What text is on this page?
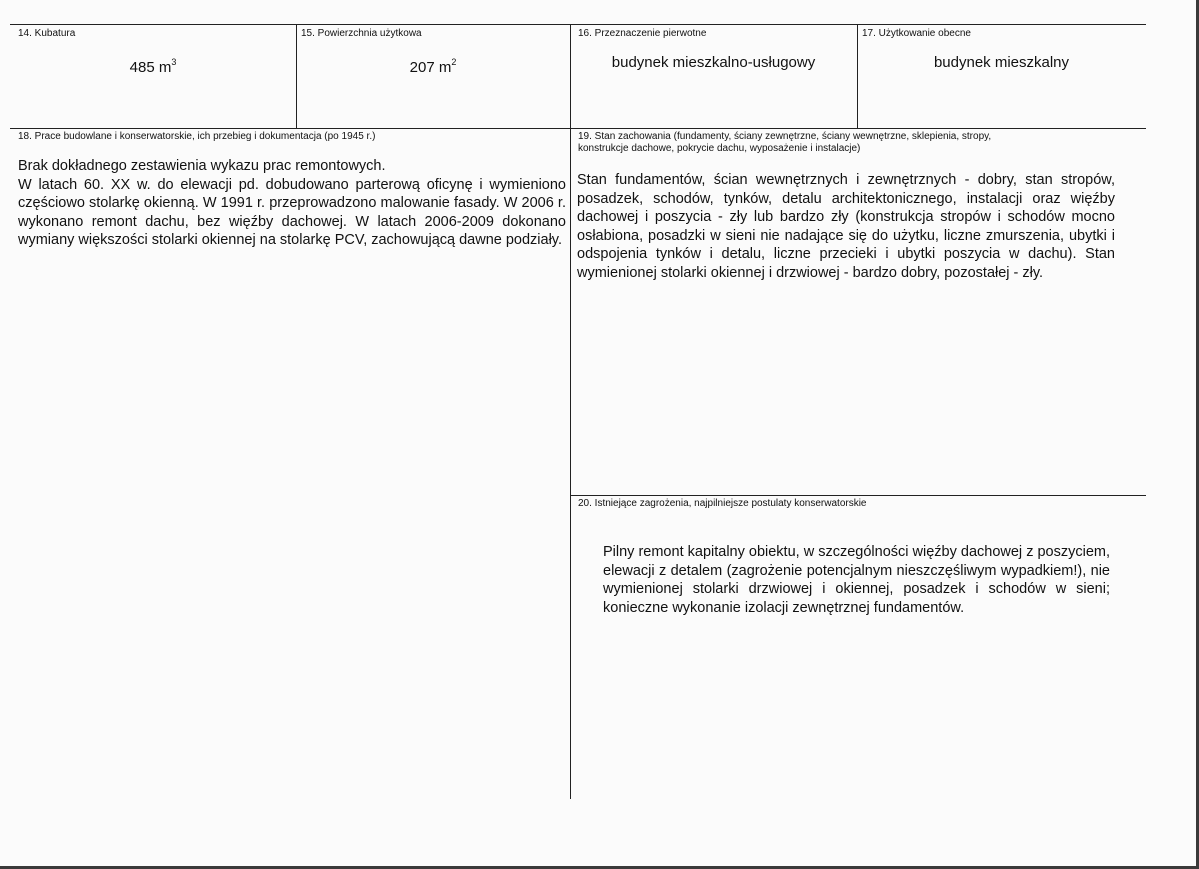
14. Kubatura
485 $m^3$
15. Powierzchnia użytkowa
207 $m^2$
16. Przeznaczenie pierwotne
budynek mieszkalno-usługowy
17. Użytkowanie obecne
budynek mieszkalny
18. Prace budowlane i konserwatorskie, ich przebieg i dokumentacja (po 1945 r.)

Brak dokładnego zestawienia wykazu prac remontowych.

W latach 60. XX w. do elewacji pd. dobudowano parterową oficynę i wymieniono częściowo stolarkę okienną. W 1991 r. przeprowadzono malowanie fasady. W 2006 r. wykonano remont dachu, bez więźby dachowej. W latach 2006-2009 dokonano wymiany większości stolarki okiennej na stolarkę PCV, zachowującą dawne podziały.

19. Stan zachowania (fundamenty, ściany zewnętrzne, ściany wewnętrzne, sklepienia, stropy,
konstrukcje dachowe, pokrycie dachu, wyposażenie i instalacje)

Stan fundamentów, ścian wewnętrznych i zewnętrznych - dobry, stan stropów, posadzek, schodów, tynków, detalu architektonicznego, instalacji oraz więźby dachowej i poszycia - zły lub bardzo zły (konstrukcja stropów i schodów mocno osłabiona, posadzki w sieni nie nadające się do użytku, liczne zmurszenia, ubytki i odspojenia tynków i detalu, liczne przecieki i ubytki poszycia w dachu). Stan wymienionej stolarki okiennej i drzwiowej - bardzo dobry, pozostałej - zły.

20. Istniejące zagrożenia, najpilniejsze postulaty konserwatorskie

Pilny remont kapitalny obiektu, w szczególności więźby dachowej z poszyciem, elewacji z detalem (zagrożenie potencjalnym nieszczęśliwym wypadkiem!), nie wymienionej stolarki drzwiowej i okiennej, posadzek i schodów w sieni; konieczne wykonanie izolacji zewnętrznej fundamentów.
